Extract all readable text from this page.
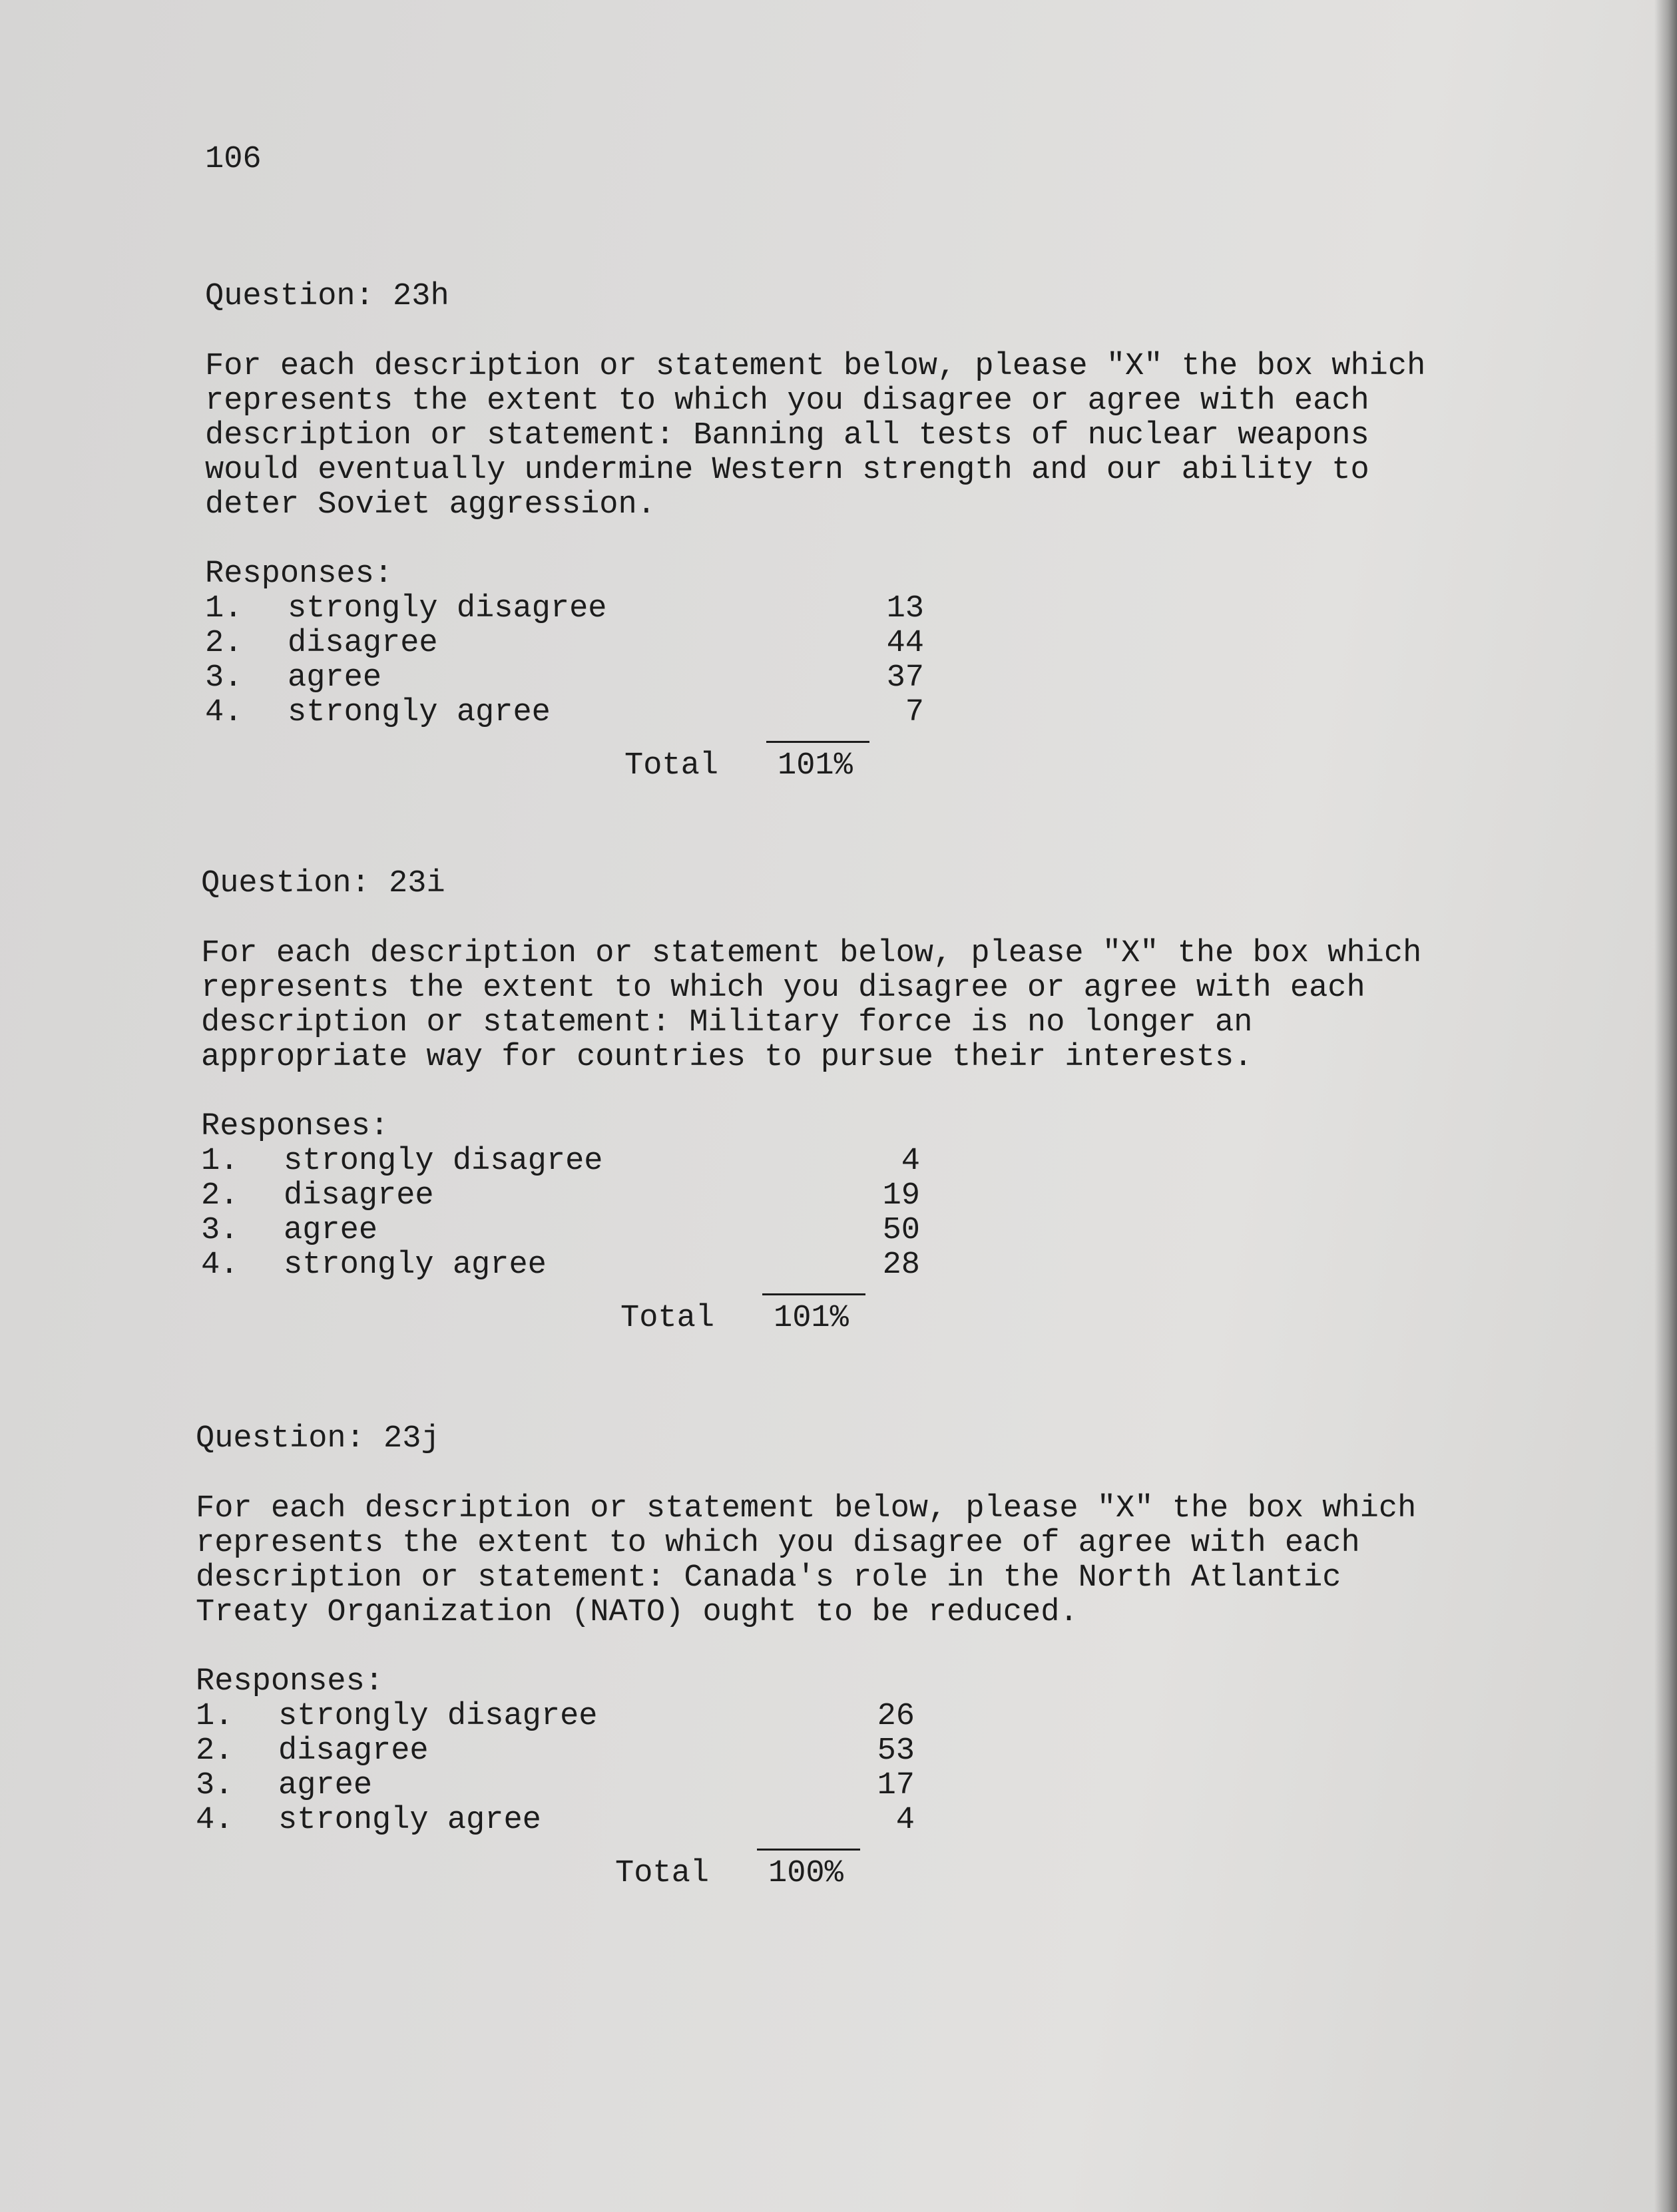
106
Question: 23h
For each description or statement below, please "X" the box which
represents the extent to which you disagree or agree with each
description or statement: Banning all tests of nuclear weapons
would eventually undermine Western strength and our ability to
deter Soviet aggression.
Responses:
1. strongly disagree	13
2. disagree	44
3. agree	37
4. strongly agree	7
Total 101%
Question: 23i
For each description or statement below, please "X" the box which
represents the extent to which you disagree or agree with each
description or statement: Military force is no longer an
appropriate way for countries to pursue their interests.
Responses:
1. strongly disagree	4
2. disagree	19
3. agree	50
4. strongly agree	28
Total 101%
Question: 23j
For each description or statement below, please "X" the box which
represents the extent to which you disagree of agree with each
description or statement: Canada's role in the North Atlantic
Treaty Organization (NATO) ought to be reduced.
Responses:
1. strongly disagree	26
2. disagree	53
3. agree	17
4. strongly agree	4
Total 100%
